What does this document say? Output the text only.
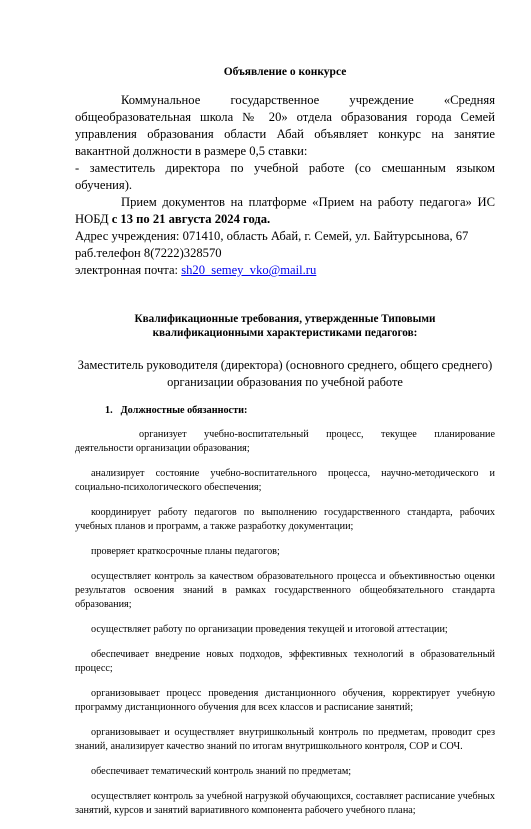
Объявление о конкурсе

Коммунальное государственное учреждение «Средняя общеобразовательная школа № 20» отдела образования города Семей управления образования области Абай объявляет конкурс на занятие вакантной должности в размере 0,5 ставки:

- заместитель директора по учебной работе (со смешанным языком обучения).

Прием документов на платформе «Прием на работу педагога» ИС НОБД с 13 по 21 августа 2024 года.

Адрес учреждения: 071410, область Абай, г. Семей, ул. Байтурсынова, 67

раб.телефон 8(7222)328570

электронная почта: sh20_semey_vko@mail.ru

Квалификационные требования, утвержденные Типовыми
квалификационными характеристиками педагогов:

Заместитель руководителя (директора) (основного среднего, общего среднего) организации образования по учебной работе

1. Должностные обязанности:

организует учебно-воспитательный процесс, текущее планирование деятельности организации образования;

анализирует состояние учебно-воспитательного процесса, научно-методического и социально-психологического обеспечения;

координирует работу педагогов по выполнению государственного стандарта, рабочих учебных планов и программ, а также разработку документации;

проверяет краткосрочные планы педагогов;

осуществляет контроль за качеством образовательного процесса и объективностью оценки результатов освоения знаний в рамках государственного общеобязательного стандарта образования;

осуществляет работу по организации проведения текущей и итоговой аттестации;

обеспечивает внедрение новых подходов, эффективных технологий в образовательный процесс;

организовывает процесс проведения дистанционного обучения, корректирует учебную программу дистанционного обучения для всех классов и расписание занятий;

организовывает и осуществляет внутришкольный контроль по предметам, проводит срез знаний, анализирует качество знаний по итогам внутришкольного контроля, СОР и СОЧ.

обеспечивает тематический контроль знаний по предметам;

осуществляет контроль за учебной нагрузкой обучающихся, составляет расписание учебных занятий, курсов и занятий вариативного компонента рабочего учебного плана;
